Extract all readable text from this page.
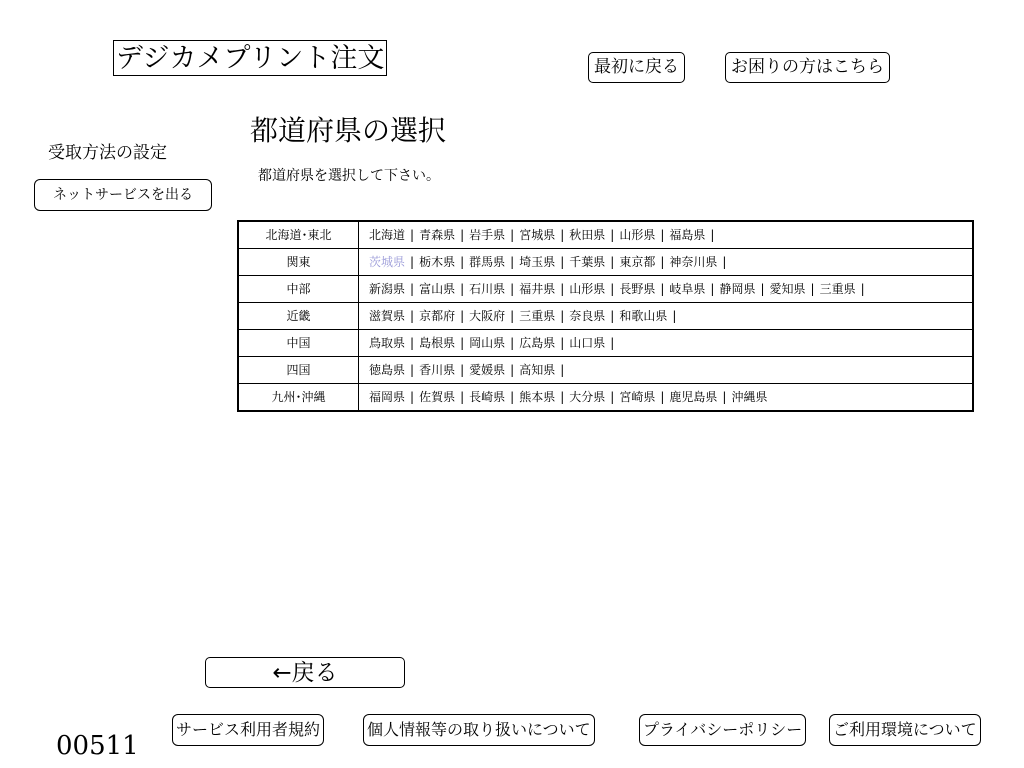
デジカメプリント注文	最初に戻る	お困りの方はこちら
受取方法の設定
ネットサービスを出る
都道府県の選択
都道府県を選択して下さい。
北海道･東北	北海道 | 青森県 | 岩手県 | 宮城県 | 秋田県 | 山形県 | 福島県 |
関東	茨城県 | 栃木県 | 群馬県 | 埼玉県 | 千葉県 | 東京都 | 神奈川県 |
中部	新潟県 | 富山県 | 石川県 | 福井県 | 山形県 | 長野県 | 岐阜県 | 静岡県 | 愛知県 | 三重県 |
近畿	滋賀県 | 京都府 | 大阪府 | 三重県 | 奈良県 | 和歌山県 |
中国	鳥取県 | 島根県 | 岡山県 | 広島県 | 山口県 |
四国	徳島県 | 香川県 | 愛媛県 | 高知県 |
九州･沖縄	福岡県 | 佐賀県 | 長崎県 | 熊本県 | 大分県 | 宮崎県 | 鹿児島県 | 沖縄県
←戻る
00511
サービス利用者規約	個人情報等の取り扱いについて	プライバシーポリシー ご利用環境について
